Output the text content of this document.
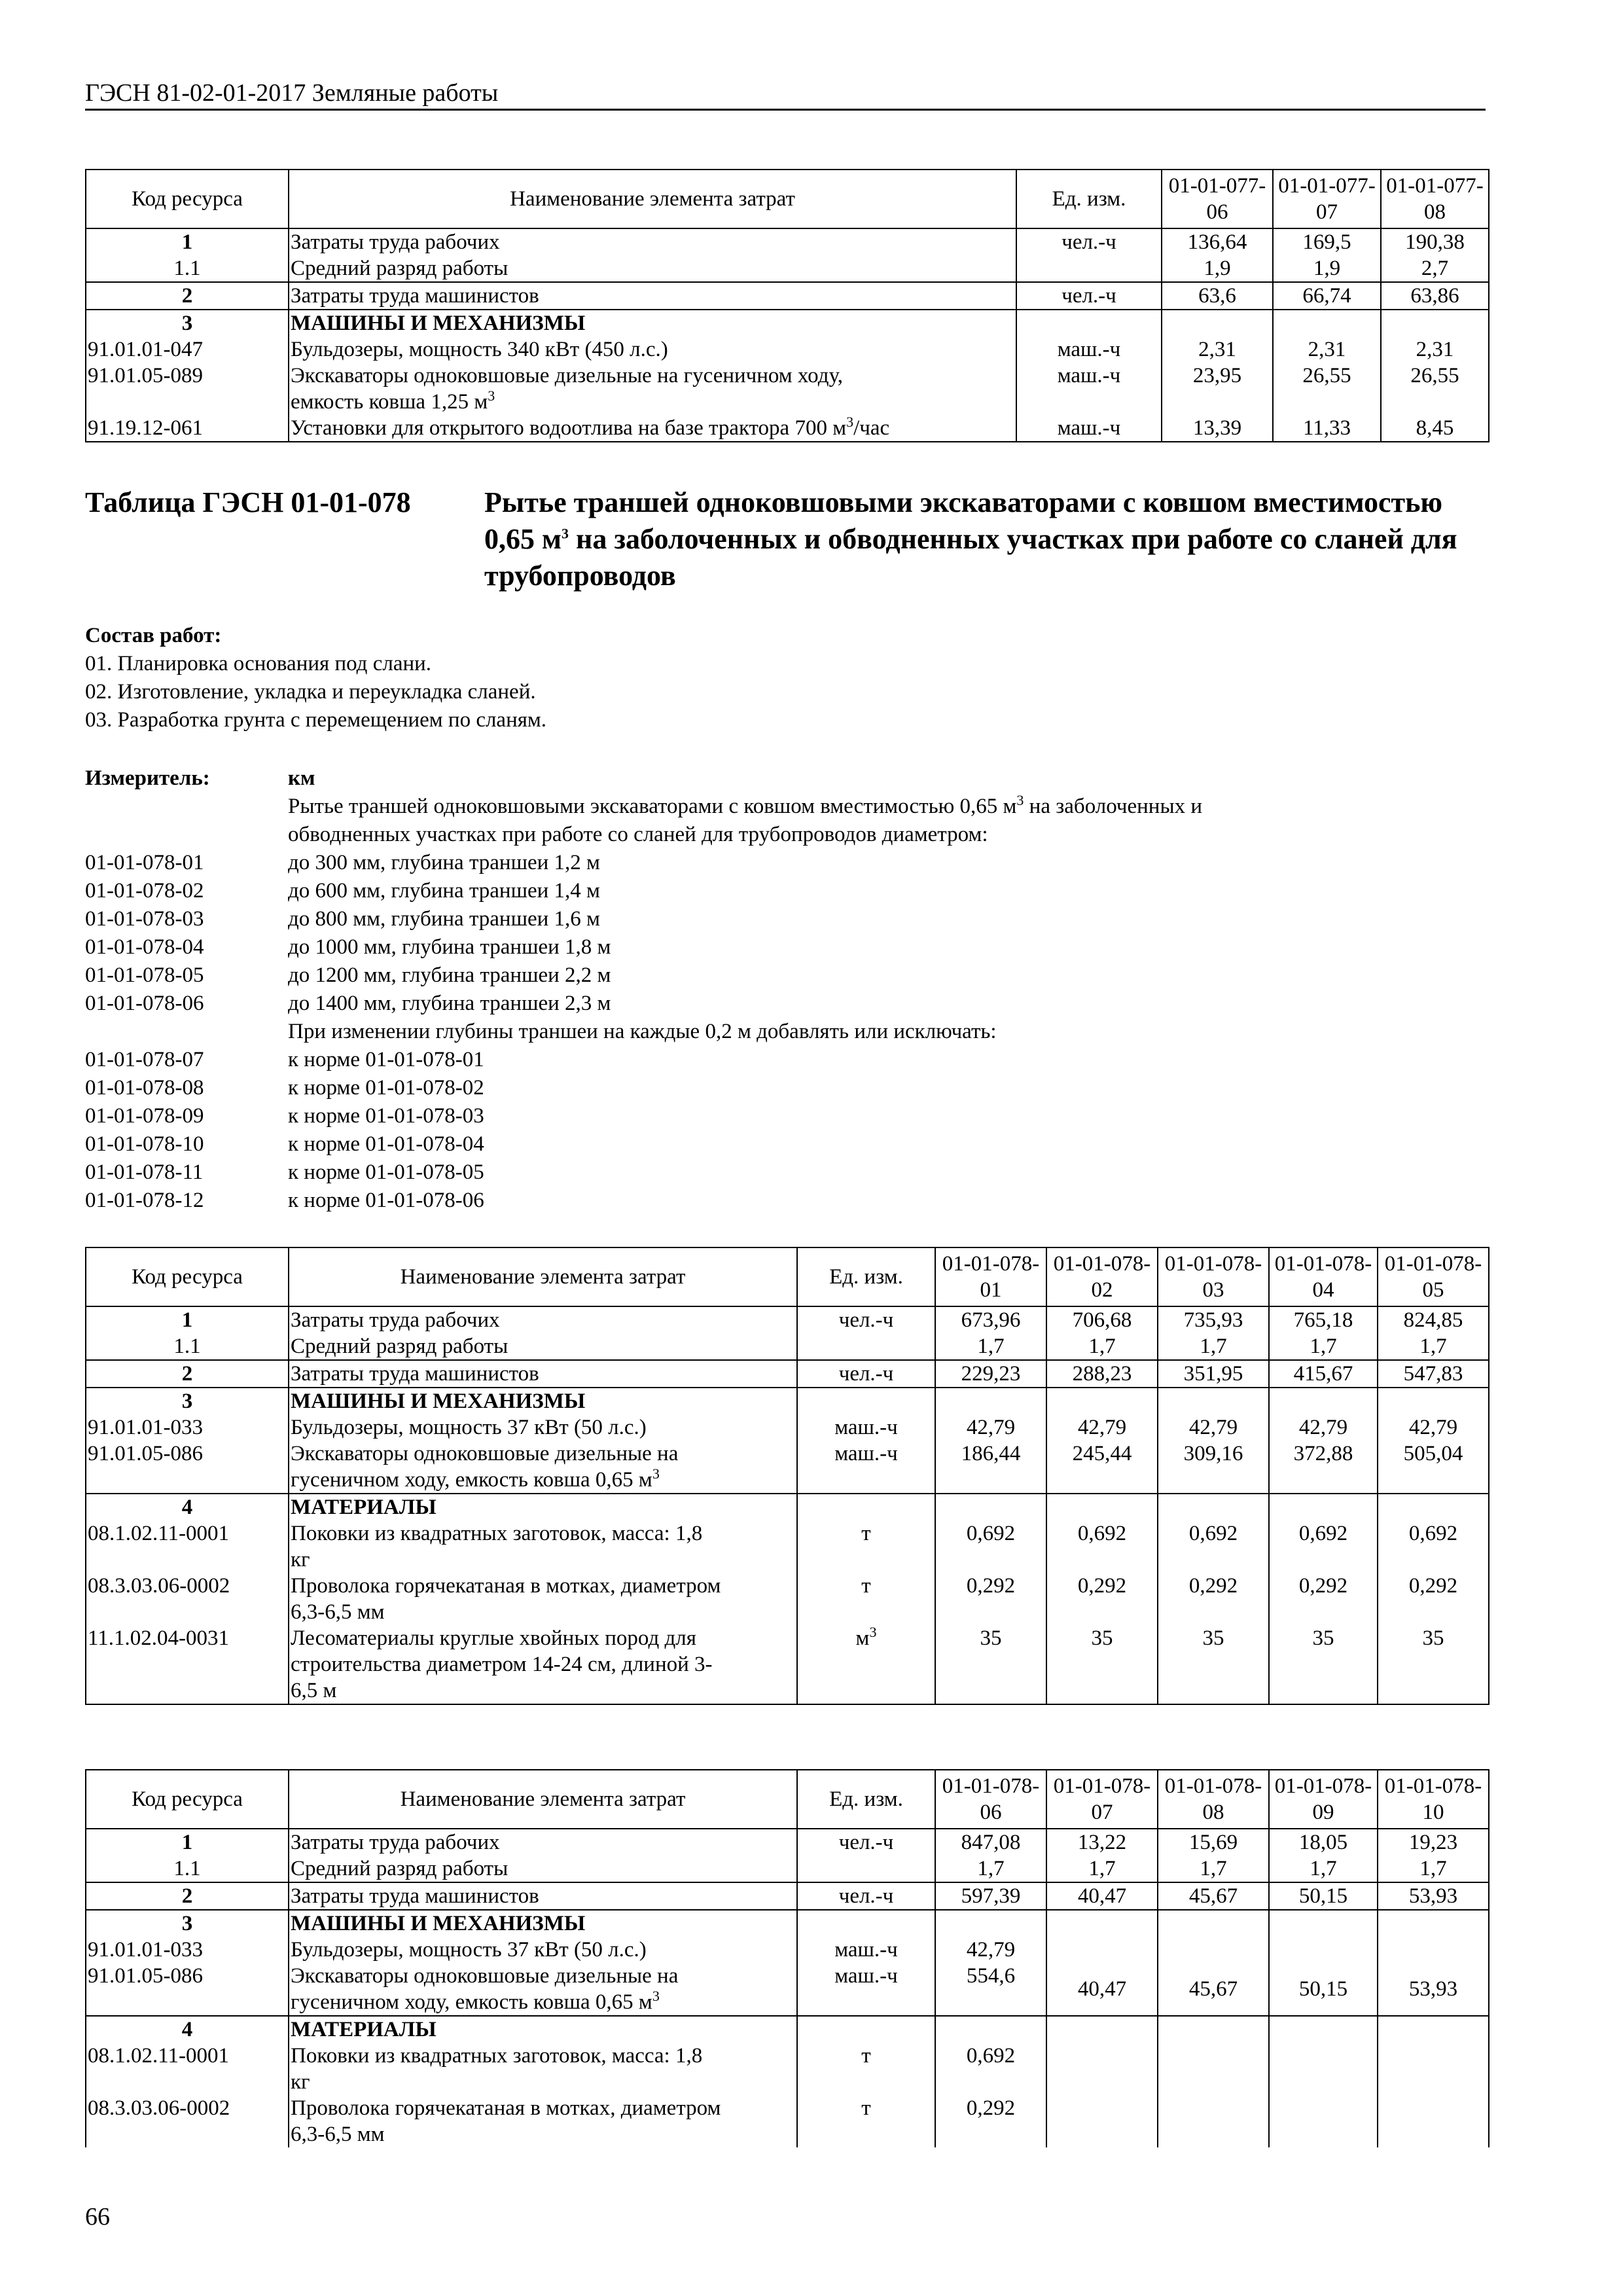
ГЭСН 81-02-01-2017 Земляные работы
Код ресурса	Наименование элемента затрат	Ед. изм.	01-01-077-06	01-01-077-07	01-01-077-08
1	Затраты труда рабочих	чел.-ч	136,64	169,5	190,38
1.1	Средний разряд работы		1,9	1,9	2,7
2	Затраты труда машинистов	чел.-ч	63,6	66,74	63,86
3	МАШИНЫ И МЕХАНИЗМЫ				
91.01.01-047	Бульдозеры, мощность 340 кВт (450 л.с.)	маш.-ч	2,31	2,31	2,31
91.01.05-089	Экскаваторы одноковшовые дизельные на гусеничном ходу,
емкость ковша 1,25 $м^3$	маш.-ч	23,95	26,55	26,55
91.19.12-061	Установки для открытого водоотлива на базе трактора 700 $м^3$/час	маш.-ч	13,39	11,33	8,45
Таблица ГЭСН 01-01-078	Рытье траншей одноковшовыми экскаваторами с ковшом вместимостью 0,65 $м^3$ на заболоченных и обводненных участках при работе со сланей для трубопроводов
Состав работ:
01. Планировка основания под слани.
02. Изготовление, укладка и переукладка сланей.
03. Разработка грунта с перемещением по сланям.
Измеритель:	км
Рытье траншей одноковшовыми экскаваторами с ковшом вместимостью 0,65 $м^3$ на заболоченных и
обводненных участках при работе со сланей для трубопроводов диаметром:
01-01-078-01	до 300 мм, глубина траншеи 1,2 м
01-01-078-02	до 600 мм, глубина траншеи 1,4 м
01-01-078-03	до 800 мм, глубина траншеи 1,6 м
01-01-078-04	до 1000 мм, глубина траншеи 1,8 м
01-01-078-05	до 1200 мм, глубина траншеи 2,2 м
01-01-078-06	до 1400 мм, глубина траншеи 2,3 м
При изменении глубины траншеи на каждые 0,2 м добавлять или исключать:
01-01-078-07	к норме 01-01-078-01
01-01-078-08	к норме 01-01-078-02
01-01-078-09	к норме 01-01-078-03
01-01-078-10	к норме 01-01-078-04
01-01-078-11	к норме 01-01-078-05
01-01-078-12	к норме 01-01-078-06
Код ресурса	Наименование элемента затрат	Ед. изм.	01-01-078-01	01-01-078-02	01-01-078-03	01-01-078-04	01-01-078-05
1	Затраты труда рабочих	чел.-ч	673,96	706,68	735,93	765,18	824,85
1.1	Средний разряд работы		1,7	1,7	1,7	1,7	1,7
2	Затраты труда машинистов	чел.-ч	229,23	288,23	351,95	415,67	547,83
3	МАШИНЫ И МЕХАНИЗМЫ						
91.01.01-033	Бульдозеры, мощность 37 кВт (50 л.с.)	маш.-ч	42,79	42,79	42,79	42,79	42,79
91.01.05-086	Экскаваторы одноковшовые дизельные на
гусеничном ходу, емкость ковша 0,65 $м^3$	маш.-ч	186,44	245,44	309,16	372,88	505,04
4	МАТЕРИАЛЫ						
08.1.02.11-0001	Поковки из квадратных заготовок, масса: 1,8
кг	т	0,692	0,692	0,692	0,692	0,692
08.3.03.06-0002	Проволока горячекатаная в мотках, диаметром
6,3-6,5 мм	т	0,292	0,292	0,292	0,292	0,292
11.1.02.04-0031	Лесоматериалы круглые хвойных пород для
строительства диаметром 14-24 см, длиной 3-
6,5 м	$м^3$	35	35	35	35	35
Код ресурса	Наименование элемента затрат	Ед. изм.	01-01-078-06	01-01-078-07	01-01-078-08	01-01-078-09	01-01-078-10
1	Затраты труда рабочих	чел.-ч	847,08	13,22	15,69	18,05	19,23
1.1	Средний разряд работы		1,7	1,7	1,7	1,7	1,7
2	Затраты труда машинистов	чел.-ч	597,39	40,47	45,67	50,15	53,93
3	МАШИНЫ И МЕХАНИЗМЫ						
91.01.01-033	Бульдозеры, мощность 37 кВт (50 л.с.)	маш.-ч	42,79				
91.01.05-086	Экскаваторы одноковшовые дизельные на
гусеничном ходу, емкость ковша 0,65 $м^3$	маш.-ч	554,6	40,47	45,67	50,15	53,93
4	МАТЕРИАЛЫ						
08.1.02.11-0001	Поковки из квадратных заготовок, масса: 1,8
кг	т	0,692				
08.3.03.06-0002	Проволока горячекатаная в мотках, диаметром
6,3-6,5 мм	т	0,292				
66
